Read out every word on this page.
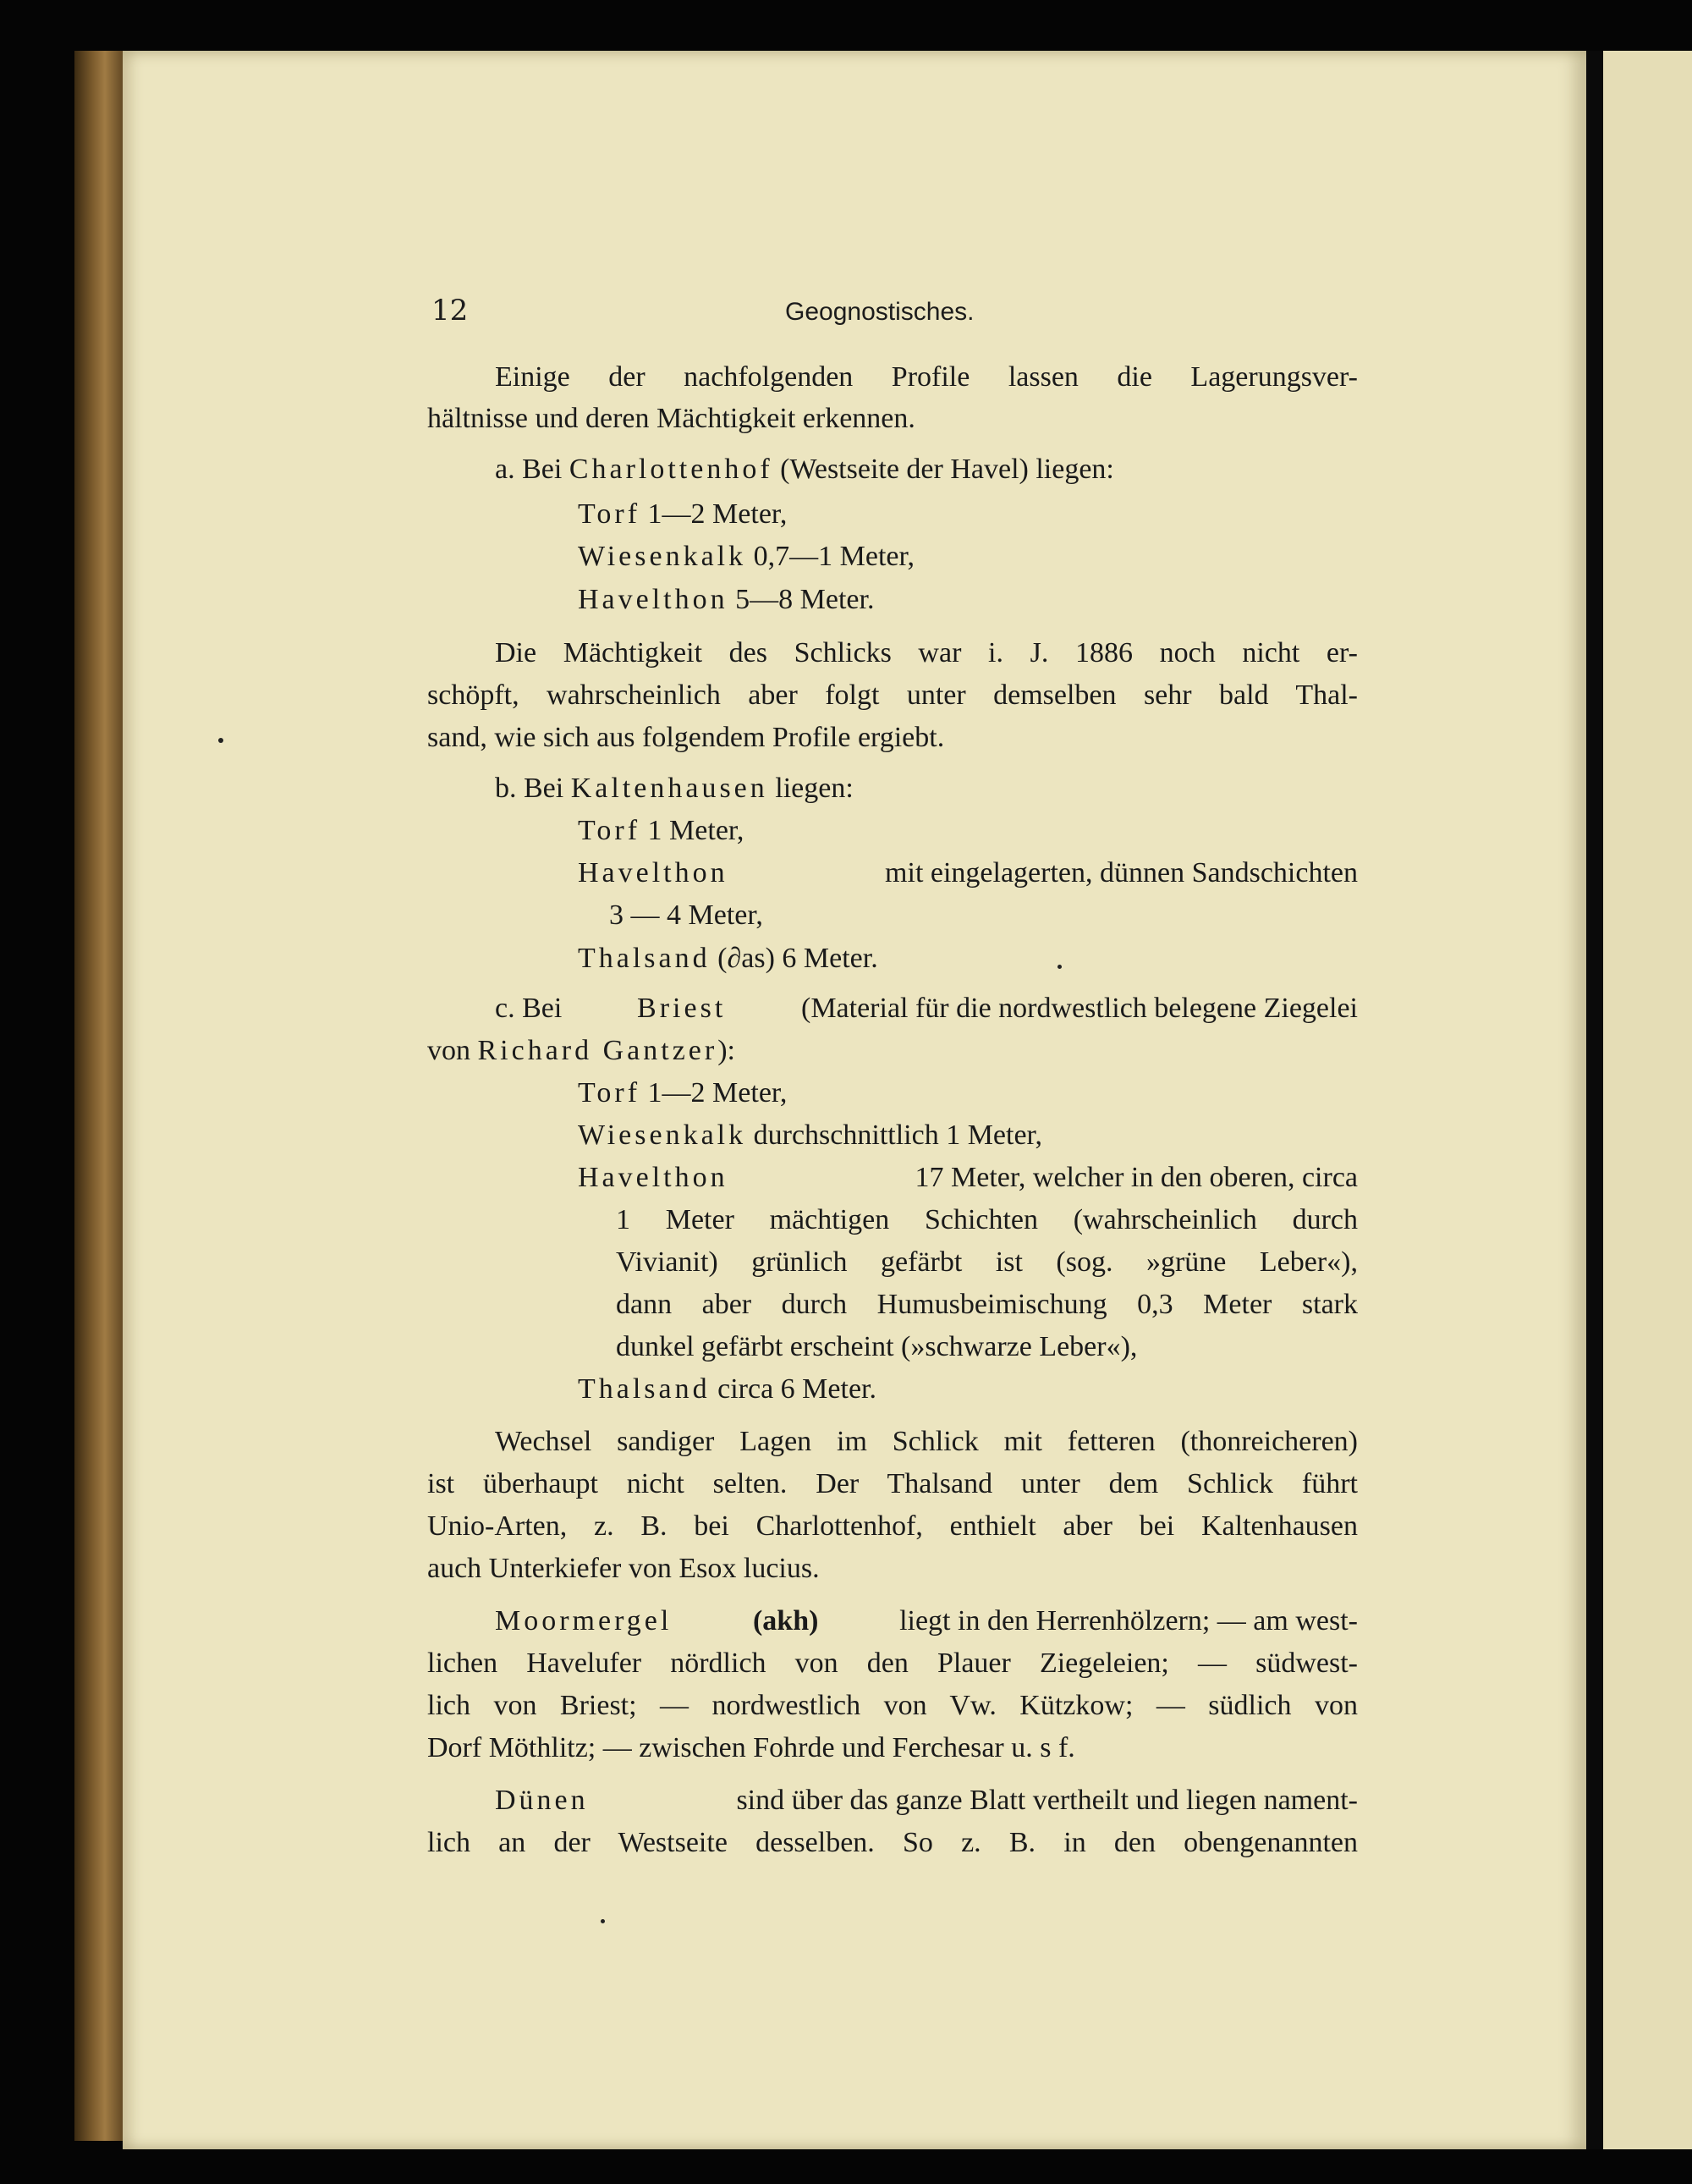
12	Geognostisches.
Einige der nachfolgenden Profile lassen die Lagerungsver-
hältnisse und deren Mächtigkeit erkennen.
a. Bei Charlottenhof (Westseite der Havel) liegen:
Torf 1—2 Meter,
Wiesenkalk 0,7—1 Meter,
Havelthon 5—8 Meter.
Die Mächtigkeit des Schlicks war i. J. 1886 noch nicht er-
schöpft, wahrscheinlich aber folgt unter demselben sehr bald Thal-
sand, wie sich aus folgendem Profile ergiebt.
b. Bei Kaltenhausen liegen:
Torf 1 Meter,
Havelthon	mit eingelagerten, dünnen Sandschichten
3 — 4 Meter,
Thalsand (∂as) 6 Meter.
c. Bei	Briest	(Material für die nordwestlich belegene Ziegelei
von Richard Gantzer):
Torf 1—2 Meter,
Wiesenkalk durchschnittlich 1 Meter,
Havelthon	17 Meter, welcher in den oberen, circa
1 Meter mächtigen Schichten (wahrscheinlich durch
Vivianit) grünlich gefärbt ist (sog. »grüne Leber«),
dann aber durch Humusbeimischung 0,3 Meter stark
dunkel gefärbt erscheint (»schwarze Leber«),
Thalsand circa 6 Meter.
Wechsel sandiger Lagen im Schlick mit fetteren (thonreicheren)
ist überhaupt nicht selten. Der Thalsand unter dem Schlick führt
Unio-Arten, z. B. bei Charlottenhof, enthielt aber bei Kaltenhausen
auch Unterkiefer von Esox lucius.
Moormergel	(akh)	liegt in den Herrenhölzern; — am west-
lichen Havelufer nördlich von den Plauer Ziegeleien; — südwest-
lich von Briest; — nordwestlich von Vw. Kützkow; — südlich von
Dorf Möthlitz; — zwischen Fohrde und Ferchesar u. s f.
Dünen	sind über das ganze Blatt vertheilt und liegen nament-
lich an der Westseite desselben. So z. B. in den obengenannten
